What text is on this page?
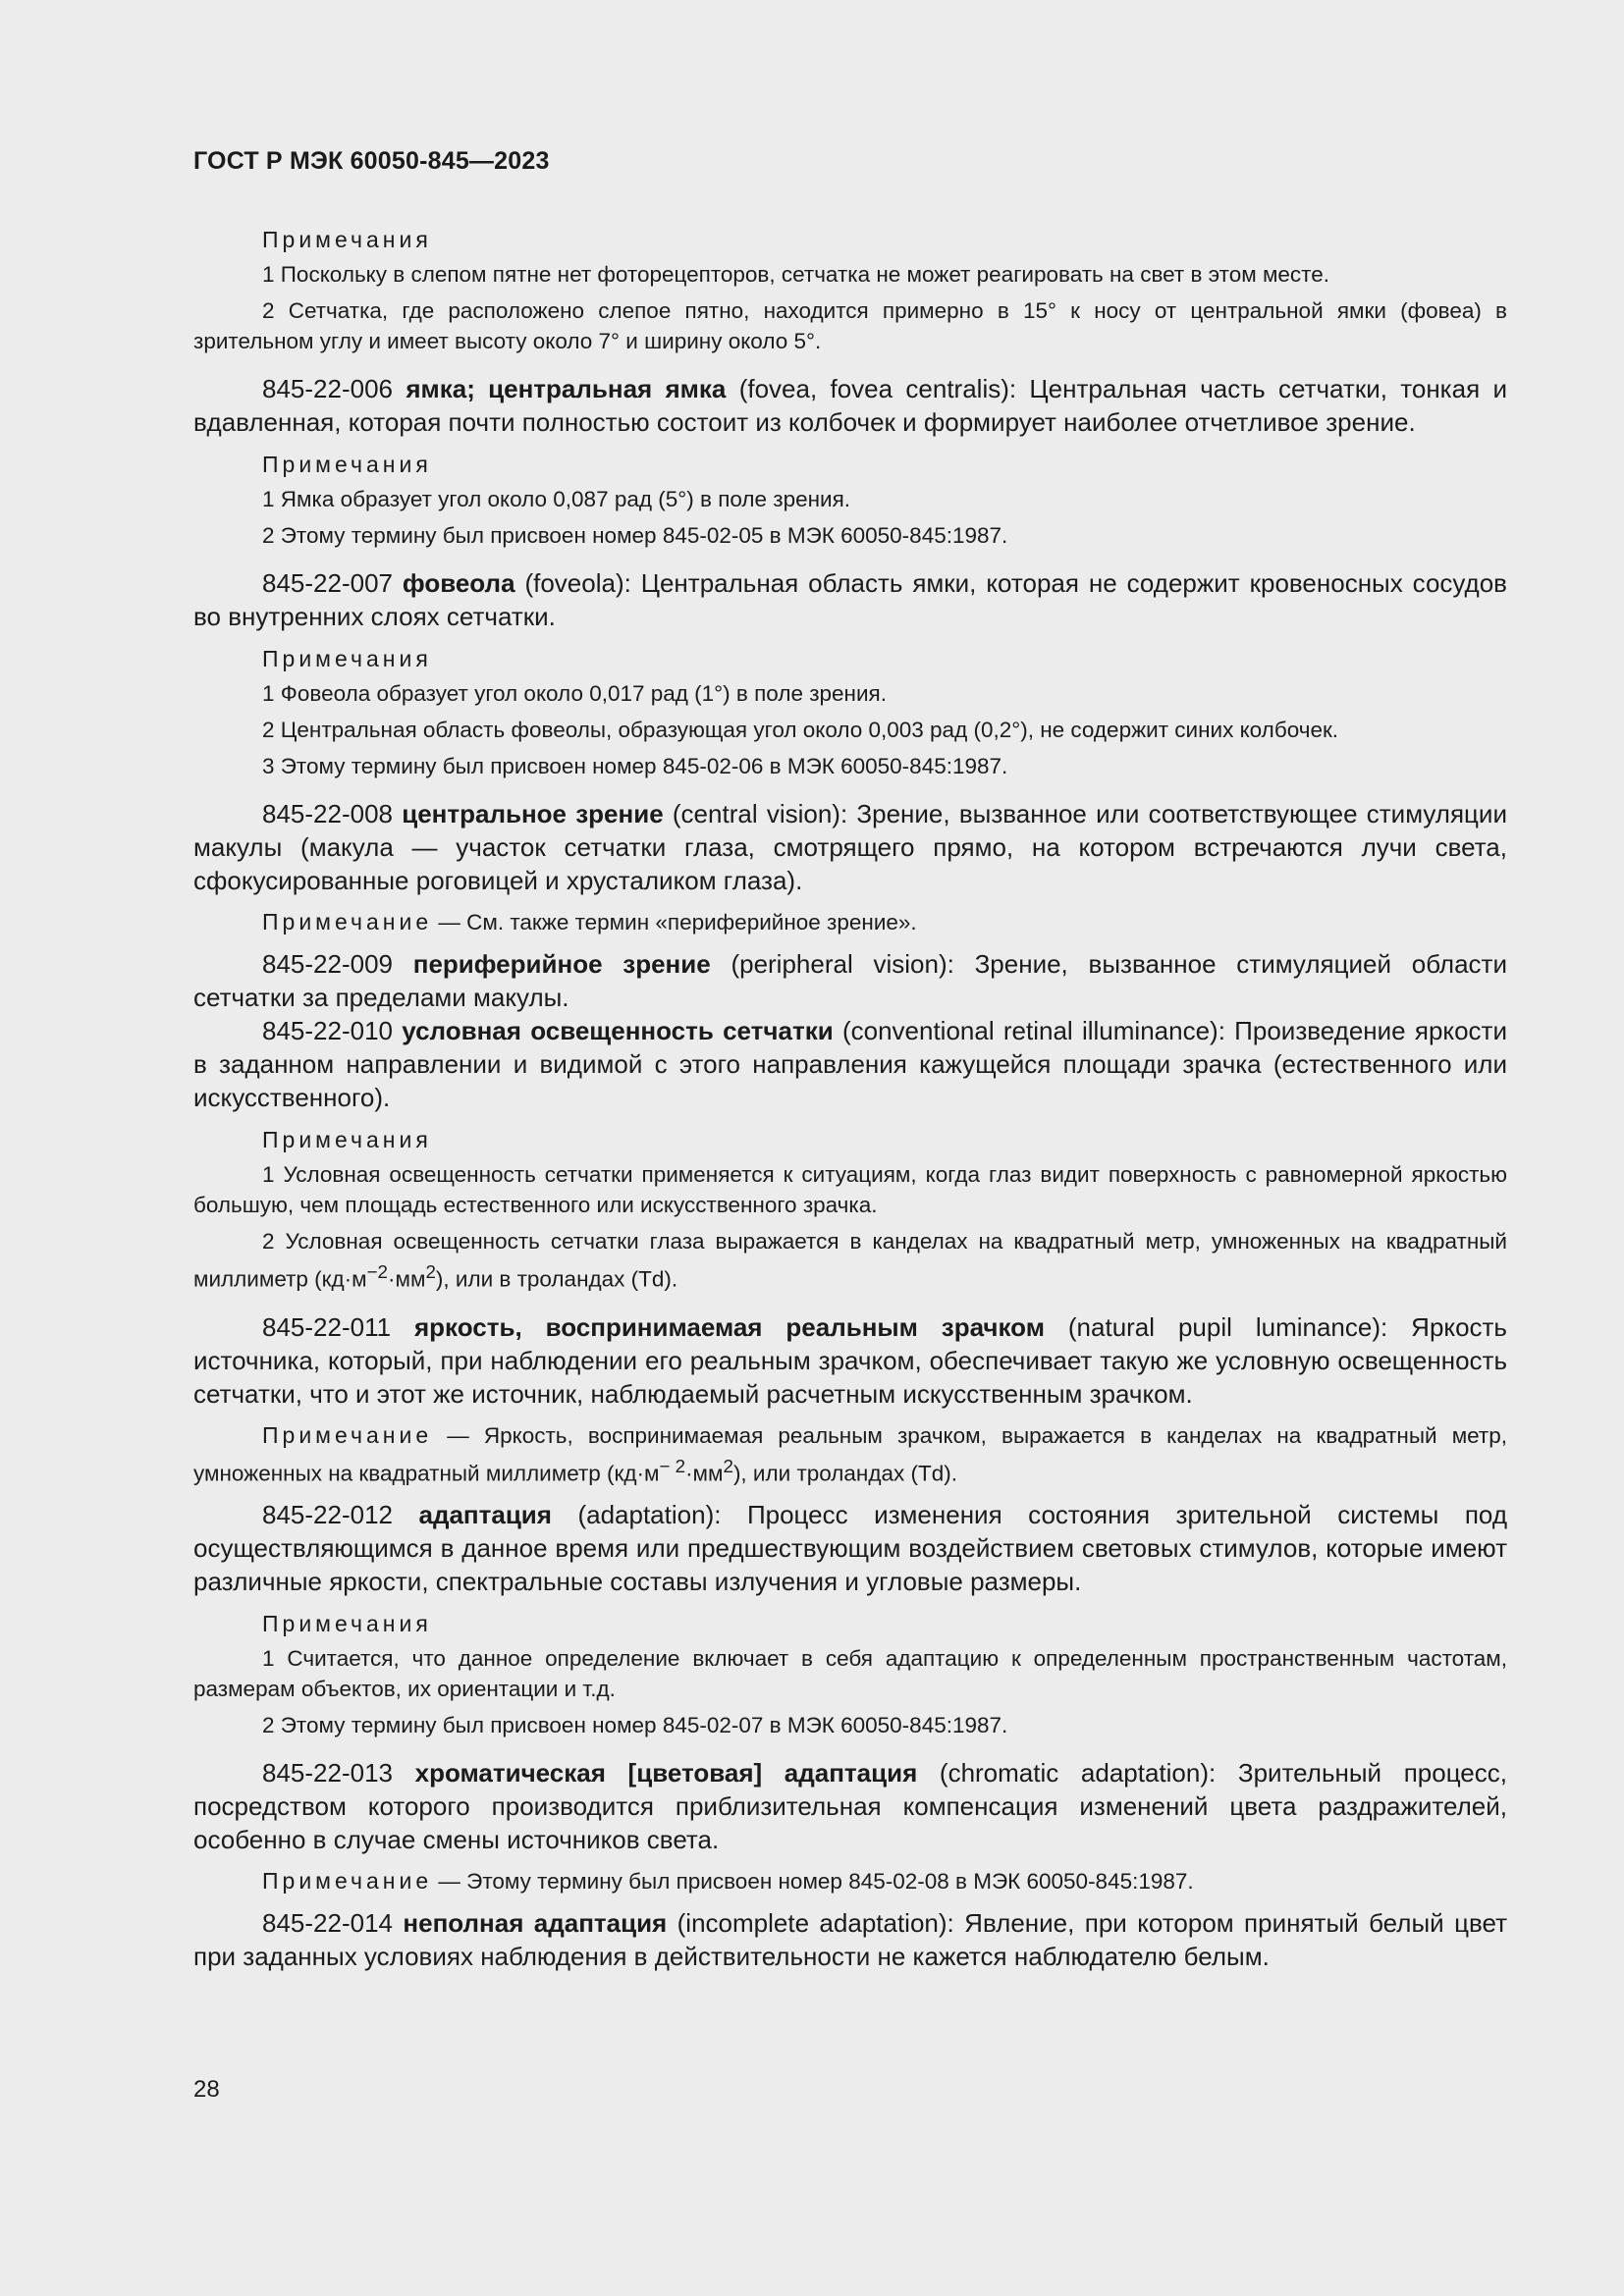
ГОСТ Р МЭК 60050-845—2023
Примечания

1 Поскольку в слепом пятне нет фоторецепторов, сетчатка не может реагировать на свет в этом месте.

2 Сетчатка, где расположено слепое пятно, находится примерно в 15° к носу от центральной ямки (фовеа) в зрительном углу и имеет высоту около 7° и ширину около 5°.

845-22-006 ямка; центральная ямка (fovea, fovea centralis): Центральная часть сетчатки, тонкая и вдавленная, которая почти полностью состоит из колбочек и формирует наиболее отчетливое зрение.

Примечания

1 Ямка образует угол около 0,087 рад (5°) в поле зрения.

2 Этому термину был присвоен номер 845-02-05 в МЭК 60050-845:1987.

845-22-007 фовеола (foveola): Центральная область ямки, которая не содержит кровеносных сосудов во внутренних слоях сетчатки.

Примечания

1 Фовеола образует угол около 0,017 рад (1°) в поле зрения.

2 Центральная область фовеолы, образующая угол около 0,003 рад (0,2°), не содержит синих колбочек.

3 Этому термину был присвоен номер 845-02-06 в МЭК 60050-845:1987.

845-22-008 центральное зрение (central vision): Зрение, вызванное или соответствующее стимуляции макулы (макула — участок сетчатки глаза, смотрящего прямо, на котором встречаются лучи света, сфокусированные роговицей и хрусталиком глаза).

Примечание — См. также термин «периферийное зрение».

845-22-009 периферийное зрение (peripheral vision): Зрение, вызванное стимуляцией области сетчатки за пределами макулы.

845-22-010 условная освещенность сетчатки (conventional retinal illuminance): Произведение яркости в заданном направлении и видимой с этого направления кажущейся площади зрачка (естественного или искусственного).

Примечания

1 Условная освещенность сетчатки применяется к ситуациям, когда глаз видит поверхность с равномерной яркостью большую, чем площадь естественного или искусственного зрачка.

2 Условная освещенность сетчатки глаза выражается в канделах на квадратный метр, умноженных на квадратный миллиметр $(кд\cdot м^{-2}\cdot мм^2)$, или в троландах (Td).

845-22-011 яркость, воспринимаемая реальным зрачком (natural pupil luminance): Яркость источника, который, при наблюдении его реальным зрачком, обеспечивает такую же условную освещенность сетчатки, что и этот же источник, наблюдаемый расчетным искусственным зрачком.

Примечание — Яркость, воспринимаемая реальным зрачком, выражается в канделах на квадратный метр, умноженных на квадратный миллиметр $(кд\cdot м^{- 2}\cdot мм^2)$, или троландах (Td).

845-22-012 адаптация (adaptation): Процесс изменения состояния зрительной системы под осуществляющимся в данное время или предшествующим воздействием световых стимулов, которые имеют различные яркости, спектральные составы излучения и угловые размеры.

Примечания

1 Считается, что данное определение включает в себя адаптацию к определенным пространственным частотам, размерам объектов, их ориентации и т.д.

2 Этому термину был присвоен номер 845-02-07 в МЭК 60050-845:1987.

845-22-013 хроматическая [цветовая] адаптация (chromatic adaptation): Зрительный процесс, посредством которого производится приблизительная компенсация изменений цвета раздражителей, особенно в случае смены источников света.

Примечание — Этому термину был присвоен номер 845-02-08 в МЭК 60050-845:1987.

845-22-014 неполная адаптация (incomplete adaptation): Явление, при котором принятый белый цвет при заданных условиях наблюдения в действительности не кажется наблюдателю белым.

28
